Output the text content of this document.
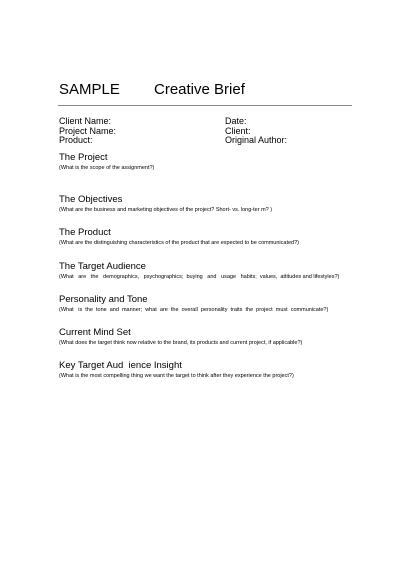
SAMPLE Creative Brief
Client Name:
Project Name:
Product:
Date:
Client:
Original Author:
The Project
(What is the scope of the assignment?)
The Objectives
(What are the business and marketing objectives of the project? Short- vs. long-ter m? )
The Product
(What are the distinguishing characteristics of the product that are expected to be communicated?)
The Target Audience
(What   are   the   demographics,   psychographics;  buying   and   usage   habits;  values,  attitudes and lifestyles?)
Personality and Tone
(What   is  the  tone  and  manner;  what  are  the  overall  personality  traits  the  project  must  communicate?)
Current Mind Set
(What does the target think now relative to the brand, its products and current project, if applicable?)
Key Target Aud  ience Insight
(What is the most compelling thing we want the target to think after they experience the project?)
